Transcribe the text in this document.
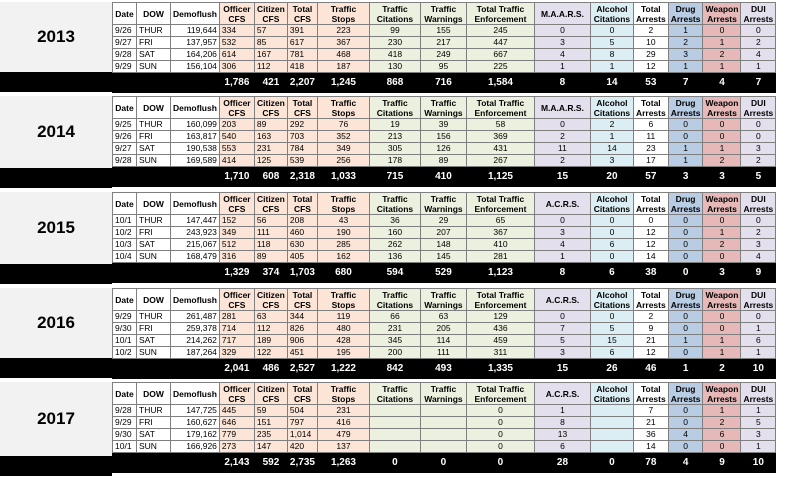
2013
Date	DOW	Demoflush	Officer CFS	Citizen CFS	Total CFS	Traffic Stops	Traffic Citations	Traffic Warnings	Total Traffic Enforcement	M.A.A.R.S.	Alcohol Citations	Total Arrests	Drug Arrests	Weapon Arrests	DUI Arrests
9/26	THUR	119,644	334	57	391	223	99	155	245	0	0	2	1	0	0
9/27	FRI	137,957	532	85	617	367	230	217	447	3	5	10	2	1	2
9/28	SAT	164,206	614	167	781	468	418	249	667	4	8	29	3	2	4
9/29	SUN	156,104	306	112	418	187	130	95	225	1	1	12	1	1	1
			1,786	421	2,207	1,245	868	716	1,584	8	14	53	7	4	7
2014
Date	DOW	Demoflush	Officer CFS	Citizen CFS	Total CFS	Traffic Stops	Traffic Citations	Traffic Warnings	Total Traffic Enforcement	M.A.A.R.S.	Alcohol Citations	Total Arrests	Drug Arrests	Weapon Arrests	DUI Arrests
9/25	THUR	160,099	203	89	292	76	19	39	58	0	2	6	0	0	0
9/26	FRI	163,817	540	163	703	352	213	156	369	2	1	11	0	0	0
9/27	SAT	190,538	553	231	784	349	305	126	431	11	14	23	1	1	3
9/28	SUN	169,589	414	125	539	256	178	89	267	2	3	17	1	2	2
			1,710	608	2,318	1,033	715	410	1,125	15	20	57	3	3	5
2015
Date	DOW	Demoflush	Officer CFS	Citizen CFS	Total CFS	Traffic Stops	Traffic Citations	Traffic Warnings	Total Traffic Enforcement	A.C.R.S.	Alcohol Citations	Total Arrests	Drug Arrests	Weapon Arrests	DUI Arrests
10/1	THUR	147,447	152	56	208	43	36	29	65	0	0	0	0	0	0
10/2	FRI	243,923	349	111	460	190	160	207	367	3	0	12	0	1	2
10/3	SAT	215,067	512	118	630	285	262	148	410	4	6	12	0	2	3
10/4	SUN	168,479	316	89	405	162	136	145	281	1	0	14	0	0	4
			1,329	374	1,703	680	594	529	1,123	8	6	38	0	3	9
2016
Date	DOW	Demoflush	Officer CFS	Citizen CFS	Total CFS	Traffic Stops	Traffic Citations	Traffic Warnings	Total Traffic Enforcement	A.C.R.S.	Alcohol Citations	Total Arrests	Drug Arrests	Weapon Arrests	DUI Arrests
9/29	THUR	261,487	281	63	344	119	66	63	129	0	0	2	0	0	0
9/30	FRI	259,378	714	112	826	480	231	205	436	7	5	9	0	0	1
10/1	SAT	214,262	717	189	906	428	345	114	459	5	15	21	1	1	6
10/2	SUN	187,264	329	122	451	195	200	111	311	3	6	12	0	1	1
			2,041	486	2,527	1,222	842	493	1,335	15	26	46	1	2	10
2017
Date	DOW	Demoflush	Officer CFS	Citizen CFS	Total CFS	Traffic Stops	Traffic Citations	Traffic Warnings	Total Traffic Enforcement	A.C.R.S.	Alcohol Citations	Total Arrests	Drug Arrests	Weapon Arrests	DUI Arrests
9/28	THUR	147,725	445	59	504	231			0	1		7	0	1	1
9/29	FRI	160,627	646	151	797	416			0	8		21	0	2	5
9/30	SAT	179,162	779	235	1,014	479			0	13		36	4	6	3
10/1	SUN	166,926	273	147	420	137			0	6		14	0	0	1
			2,143	592	2,735	1,263	0	0	0	28	0	78	4	9	10
